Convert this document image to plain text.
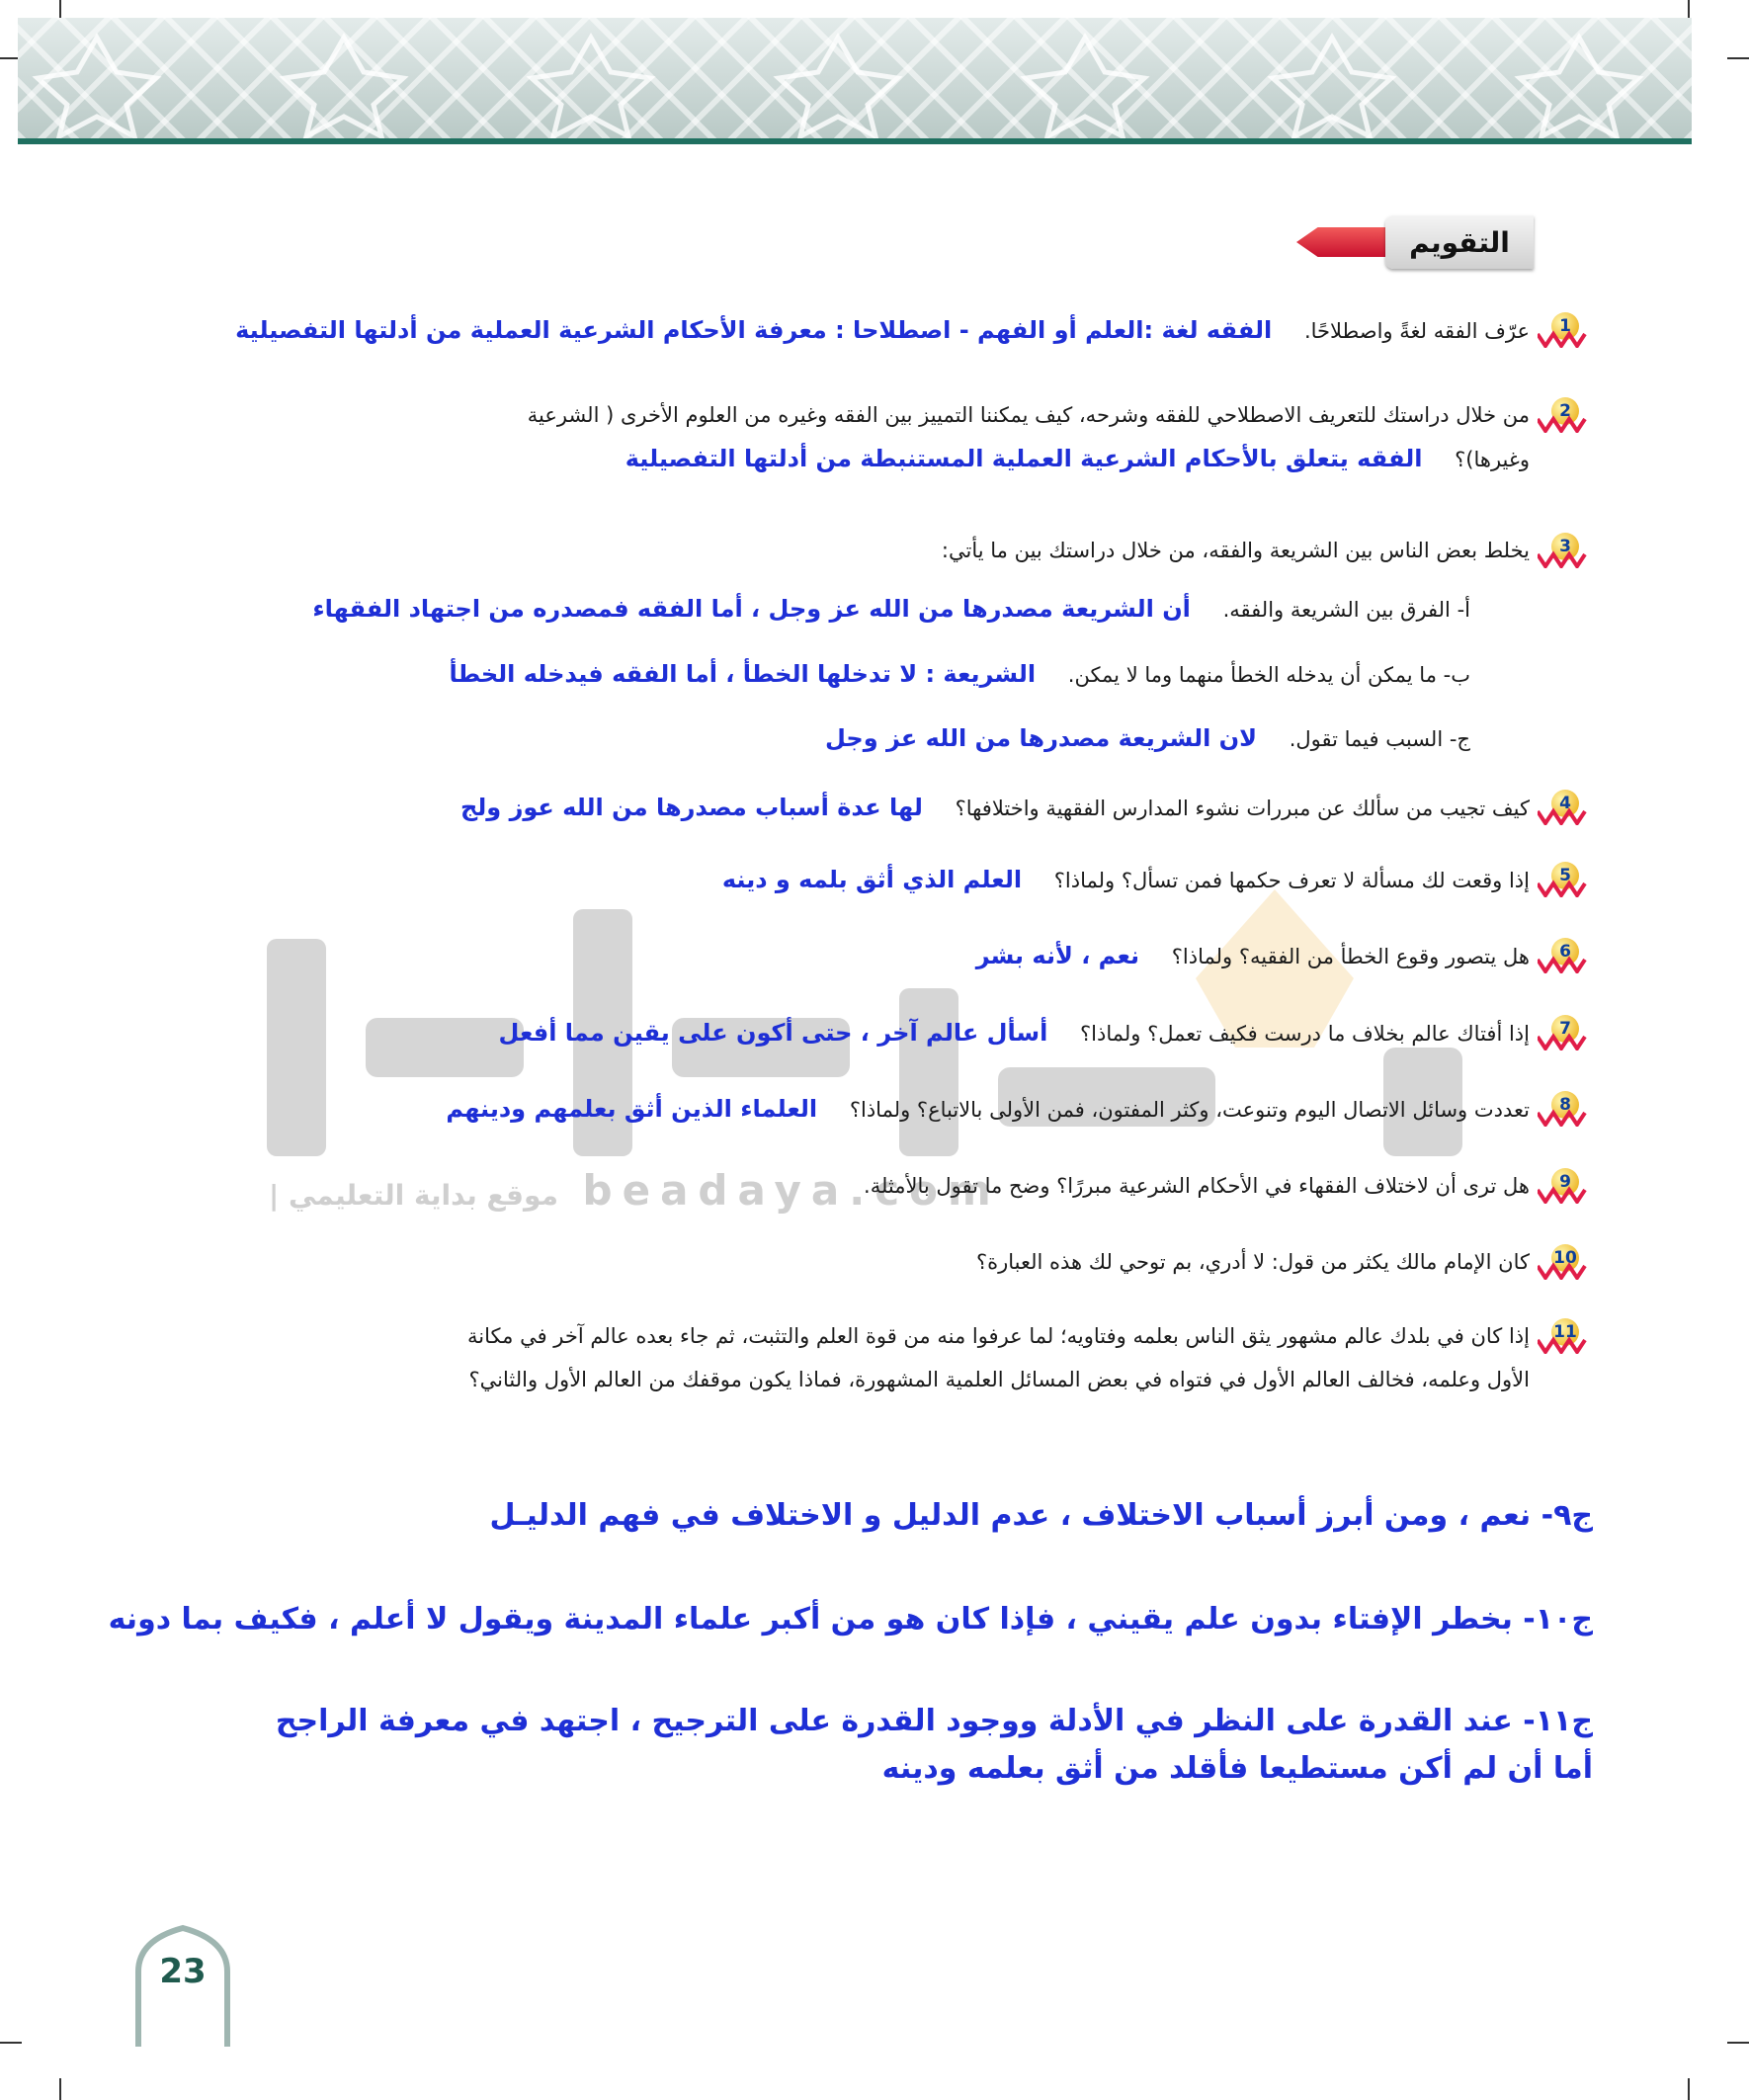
التقويم
beadaya.com موقع بداية التعليمي |
1
عرّف الفقه لغةً واصطلاحًا. الفقه لغة :العلم أو الفهم - اصطلاحا : معرفة الأحكام الشرعية العملية من أدلتها التفصيلية
2
من خلال دراستك للتعريف الاصطلاحي للفقه وشرحه، كيف يمكننا التمييز بين الفقه وغيره من العلوم الأخرى ( الشرعية
وغيرها)؟ الفقه يتعلق بالأحكام الشرعية العملية المستنبطة من أدلتها التفصيلية
3
يخلط بعض الناس بين الشريعة والفقه، من خلال دراستك بين ما يأتي:
أ- الفرق بين الشريعة والفقه. أن الشريعة مصدرها من الله عز وجل ، أما الفقه فمصدره من اجتهاد الفقهاء
ب- ما يمكن أن يدخله الخطأ منهما وما لا يمكن. الشريعة : لا تدخلها الخطأ ، أما الفقه فيدخله الخطأ
ج- السبب فيما تقول. لان الشريعة مصدرها من الله عز وجل
4
كيف تجيب من سألك عن مبررات نشوء المدارس الفقهية واختلافها؟ لها عدة أسباب مصدرها من الله عوز ولج
5
إذا وقعت لك مسألة لا تعرف حكمها فمن تسأل؟ ولماذا؟ العلم الذي أثق بلمه و دينه
6
هل يتصور وقوع الخطأ من الفقيه؟ ولماذا؟ نعم ، لأنه بشر
7
إذا أفتاك عالم بخلاف ما درست فكيف تعمل؟ ولماذا؟ أسأل عالم آخر ، حتى أكون على يقين مما أفعل
8
تعددت وسائل الاتصال اليوم وتنوعت، وكثر المفتون، فمن الأولى بالاتباع؟ ولماذا؟ العلماء الذين أثق بعلمهم ودينهم
9
هل ترى أن لاختلاف الفقهاء في الأحكام الشرعية مبررًا؟ وضح ما تقول بالأمثلة.
10
كان الإمام مالك يكثر من قول: لا أدري، بم توحي لك هذه العبارة؟
11
إذا كان في بلدك عالم مشهور يثق الناس بعلمه وفتاويه؛ لما عرفوا منه من قوة العلم والتثبت، ثم جاء بعده عالم آخر في مكانة
الأول وعلمه، فخالف العالم الأول في فتواه في بعض المسائل العلمية المشهورة، فماذا يكون موقفك من العالم الأول والثاني؟
ج٩- نعم ، ومن أبرز أسباب الاختلاف ، عدم الدليل و الاختلاف في فهم الدليـل
ج١٠- بخطر الإفتاء بدون علم يقيني ، فإذا كان هو من أكبر علماء المدينة ويقول لا أعلم ، فكيف بما دونه
ج١١- عند القدرة على النظر في الأدلة ووجود القدرة على الترجيح ، اجتهد في معرفة الراجح
أما أن لم أكن مستطيعا فأقلد من أثق بعلمه ودينه
23
